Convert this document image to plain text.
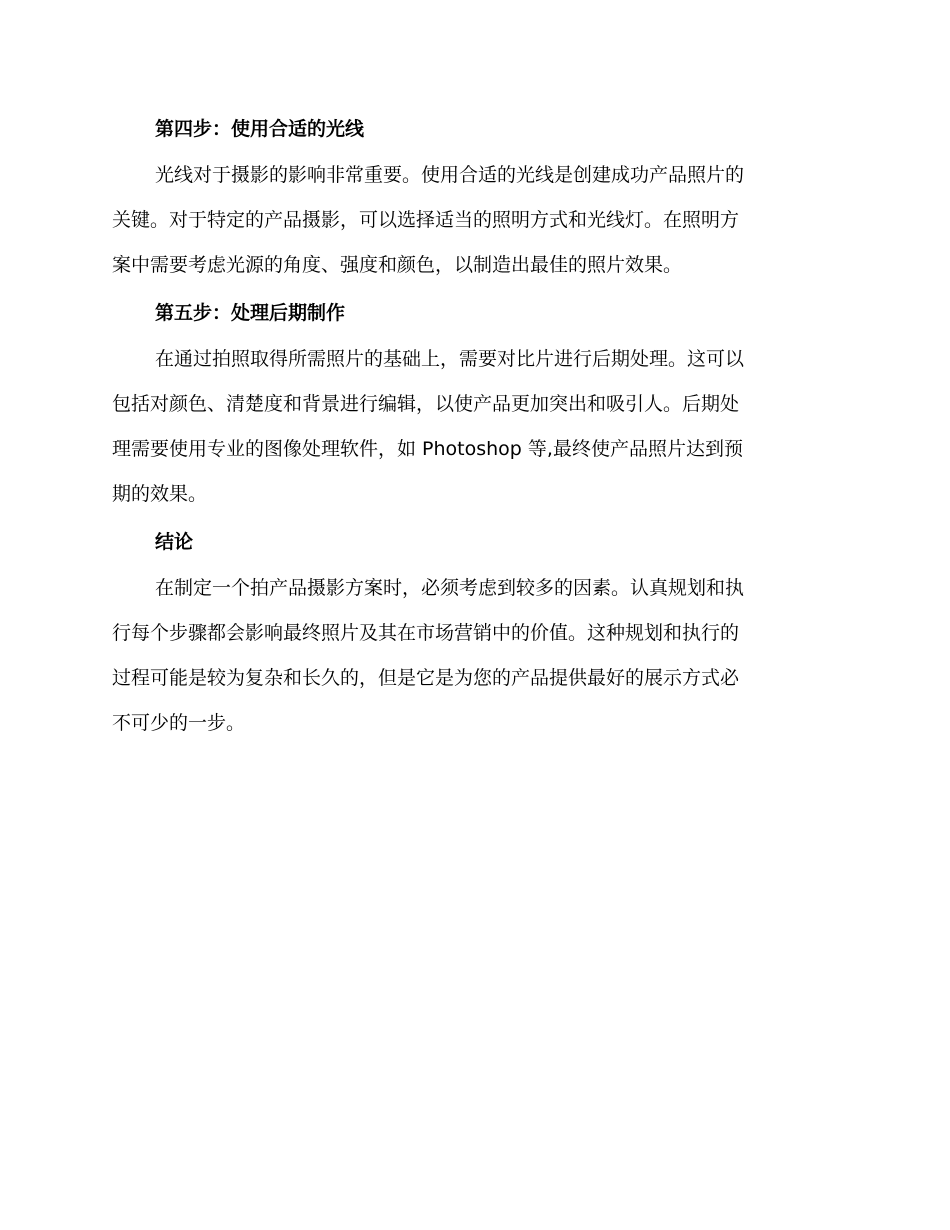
第四步：使用合适的光线
光线对于摄影的影响非常重要。使用合适的光线是创建成功产品照片的
关键。对于特定的产品摄影，可以选择适当的照明方式和光线灯。在照明方
案中需要考虑光源的角度、强度和颜色，以制造出最佳的照片效果。
第五步：处理后期制作
在通过拍照取得所需照片的基础上，需要对比片进行后期处理。这可以
包括对颜色、清楚度和背景进行编辑，以使产品更加突出和吸引人。后期处
理需要使用专业的图像处理软件，如 Photoshop 等,最终使产品照片达到预
期的效果。
结论
在制定一个拍产品摄影方案时，必须考虑到较多的因素。认真规划和执
行每个步骤都会影响最终照片及其在市场营销中的价值。这种规划和执行的
过程可能是较为复杂和长久的，但是它是为您的产品提供最好的展示方式必
不可少的一步。
